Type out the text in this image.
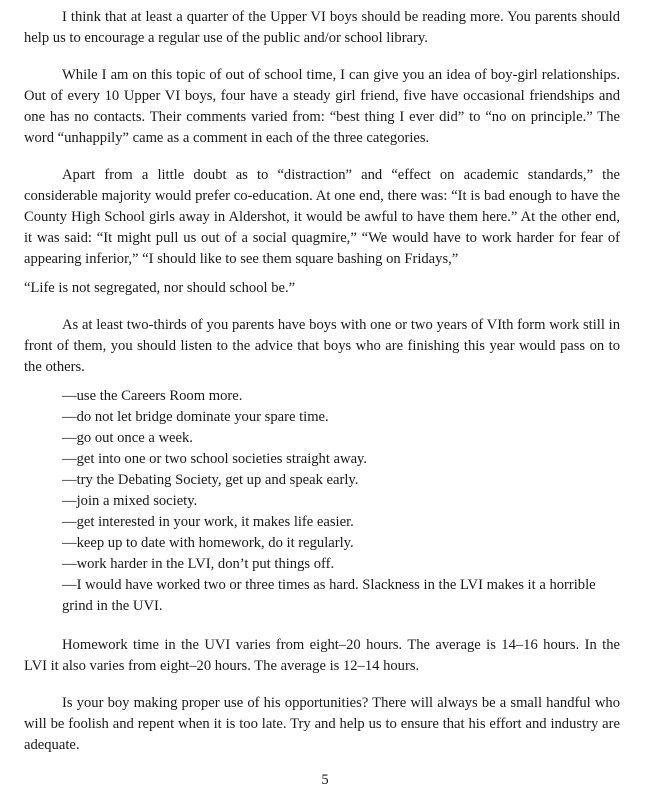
I think that at least a quarter of the Upper VI boys should be reading more. You parents should help us to encourage a regular use of the public and/or school library.

While I am on this topic of out of school time, I can give you an idea of boy-girl relationships. Out of every 10 Upper VI boys, four have a steady girl friend, five have occasional friendships and one has no contacts. Their comments varied from: “best thing I ever did” to “no on principle.” The word “unhappily” came as a comment in each of the three categories.

Apart from a little doubt as to “distraction” and “effect on academic standards,” the considerable majority would prefer co-education. At one end, there was: “It is bad enough to have the County High School girls away in Aldershot, it would be awful to have them here.” At the other end, it was said: “It might pull us out of a social quagmire,” “We would have to work harder for fear of appearing inferior,” “I should like to see them square bashing on Fridays,”

“Life is not segregated, nor should school be.”

As at least two-thirds of you parents have boys with one or two years of VIth form work still in front of them, you should listen to the advice that boys who are finishing this year would pass on to the others.

—use the Careers Room more.
—do not let bridge dominate your spare time.
—go out once a week.
—get into one or two school societies straight away.
—try the Debating Society, get up and speak early.
—join a mixed society.
—get interested in your work, it makes life easier.
—keep up to date with homework, do it regularly.
—work harder in the LVI, don’t put things off.
—I would have worked two or three times as hard. Slackness in the LVI makes it a horrible grind in the UVI.

Homework time in the UVI varies from eight–20 hours. The average is 14–16 hours. In the LVI it also varies from eight–20 hours. The average is 12–14 hours.

Is your boy making proper use of his opportunities? There will always be a small handful who will be foolish and repent when it is too late. Try and help us to ensure that his effort and industry are adequate.

5
